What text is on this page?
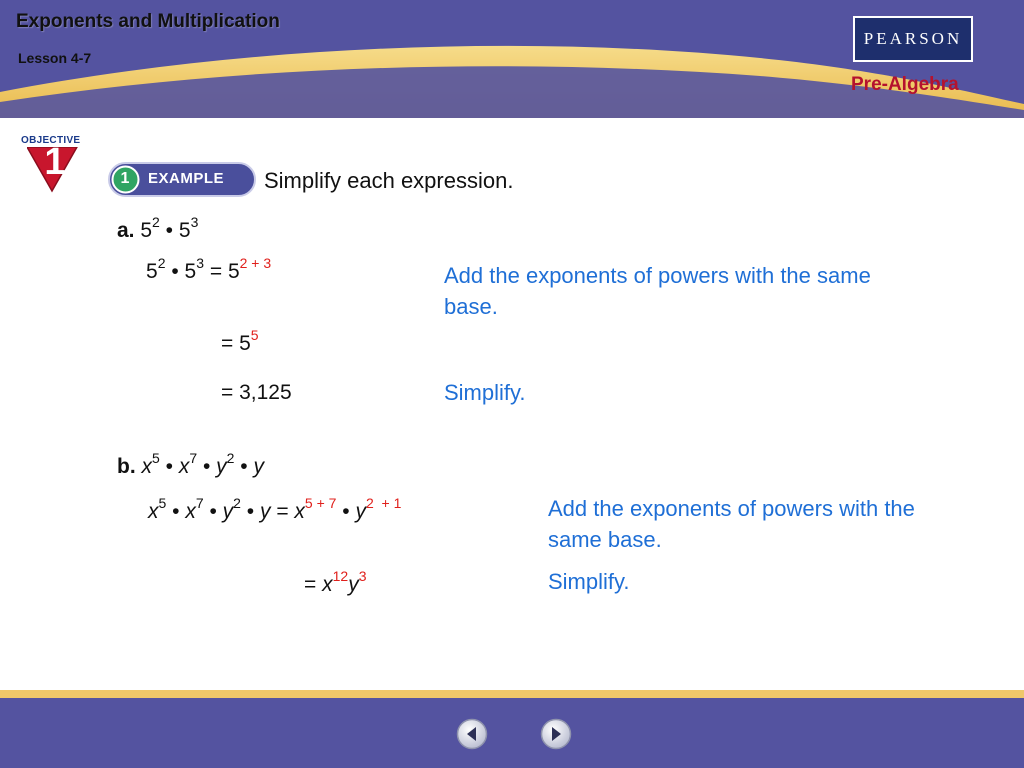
Exponents and Multiplication
Lesson 4-7
PEARSON
Pre-Algebra
OBJECTIVE
1	1	EXAMPLE Simplify each expression.
a. $5^2$ • $5^3$
$5^2$ • $5^3 = 5^{2 + 3}$	Add the exponents of powers with the same base.
= $5^5$
= 3,125	Simplify.
b. $x^5$ • $x^7$ • $y^2$ • y
$x^5$ • $x^7$ • $y^2$ • $y = x^{5 + 7}$ • $y^{2 + 1}$	Add the exponents of powers with the same base.
= $x^{12}y^3$	Simplify.
